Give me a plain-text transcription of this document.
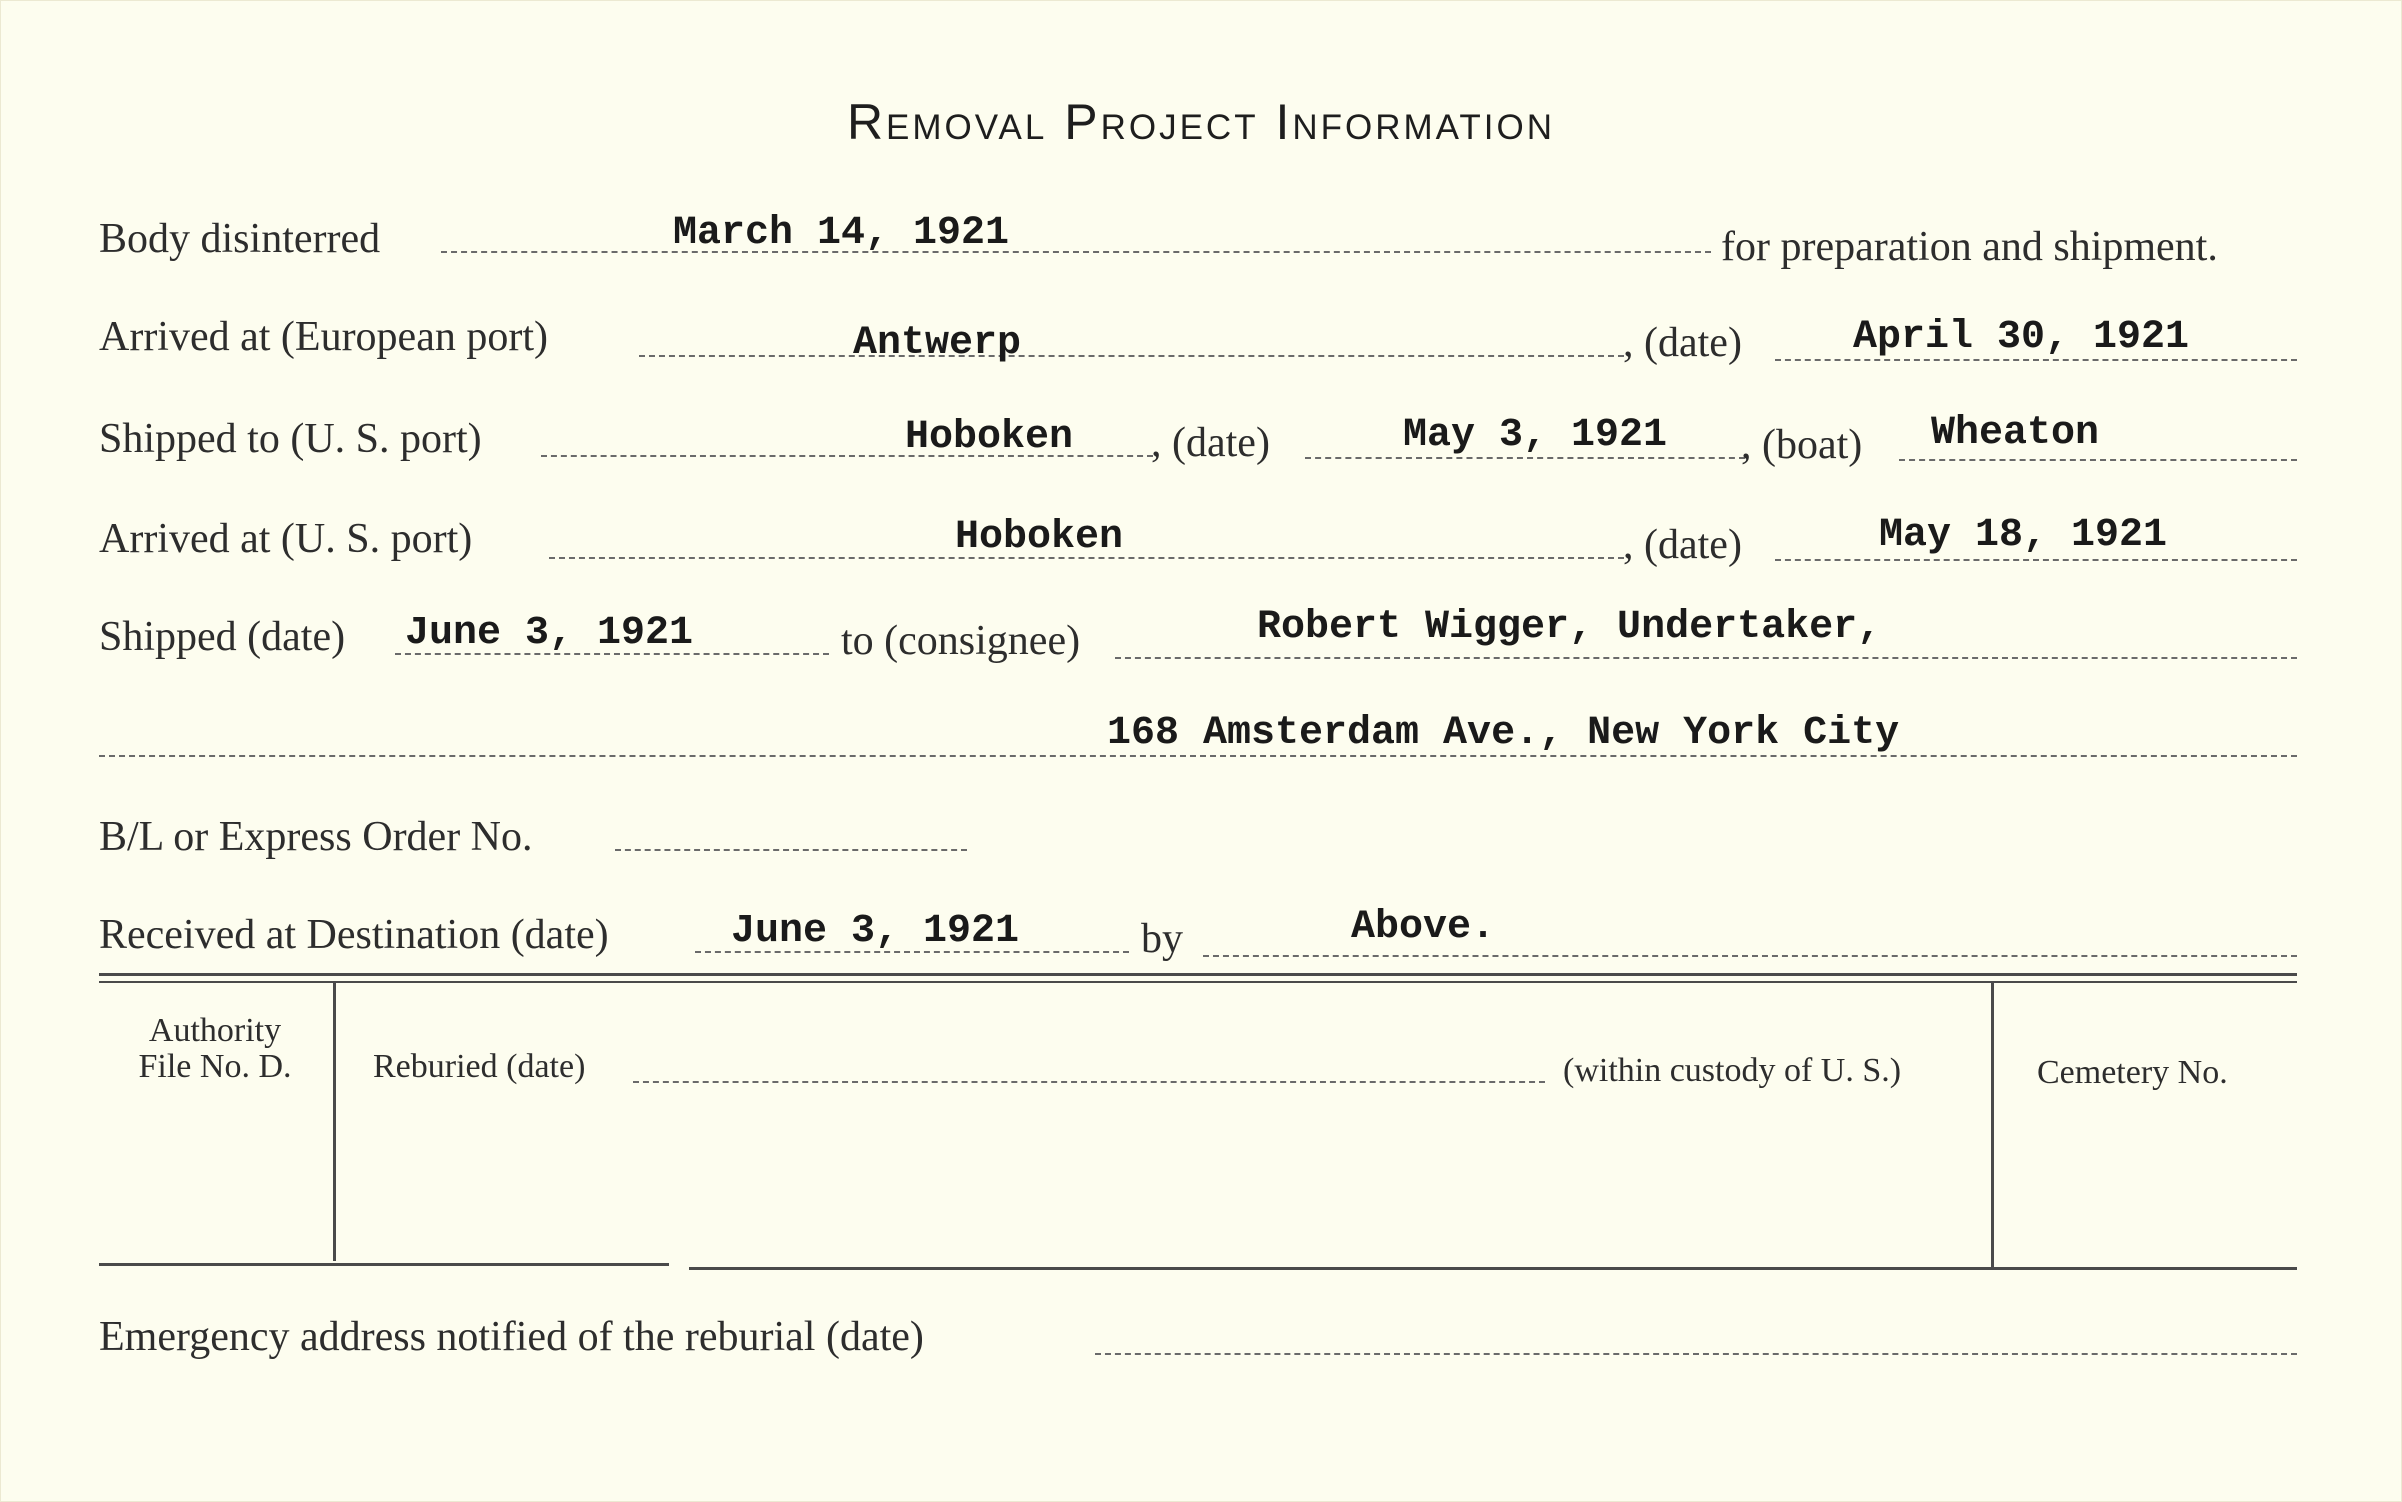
Removal Project Information
Body disinterred	March 14, 1921	for preparation and shipment.
Arrived at (European port)	Antwerp	, (date)	April 30, 1921
Shipped to (U. S. port)	Hoboken , (date)	May 3, 1921 , (boat) Wheaton
Arrived at (U. S. port)	Hoboken	, (date)	May 18, 1921
Shipped (date) June 3, 1921	to (consignee)	Robert Wigger, Undertaker,
168 Amsterdam Ave., New York City
B/L or Express Order No.
Received at Destination (date)	June 3, 1921	by	Above.
Authority
File No. D.	Reburied (date)	(within custody of U. S.)	Cemetery No.
Emergency address notified of the reburial (date)
